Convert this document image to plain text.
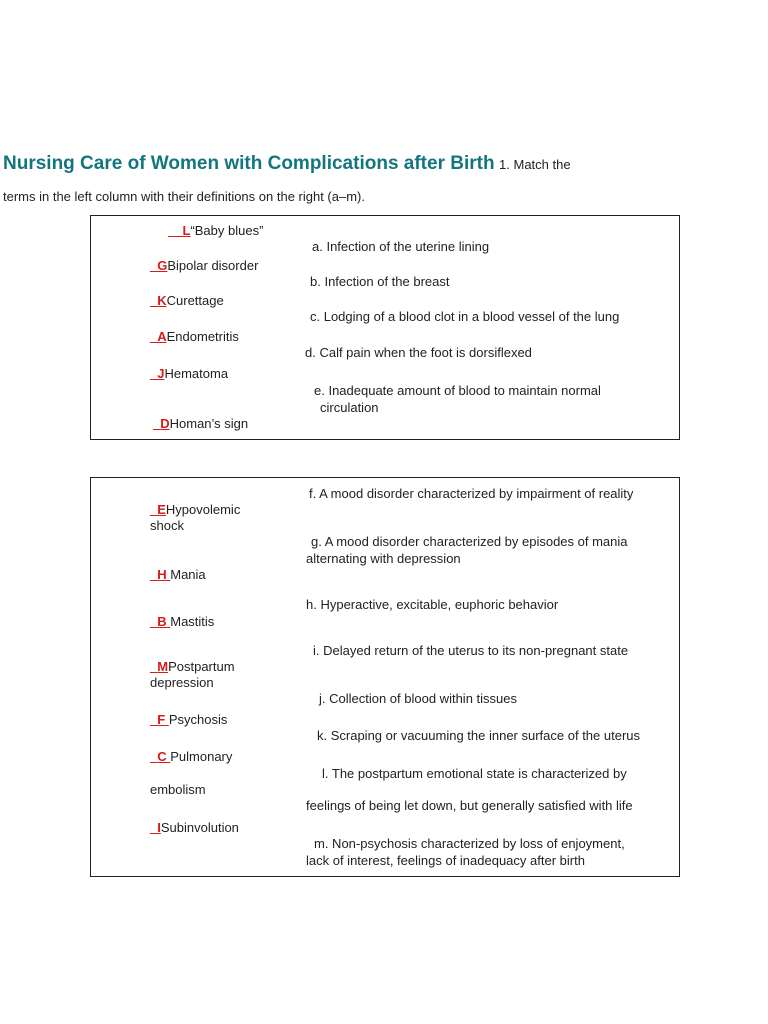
Nursing Care of Women with Complications after Birth 1. Match the
terms in the left column with their definitions on the right (a–m).
__L“Baby blues”
_GBipolar disorder
_KCurettage
_AEndometritis
_JHematoma
_DHoman’s sign
a. Infection of the uterine lining
b. Infection of the breast
c. Lodging of a blood clot in a blood vessel of the lung
d. Calf pain when the foot is dorsiflexed
e. Inadequate amount of blood to maintain normal
circulation
_EHypovolemic
shock
H Mania
B Mastitis
MPostpartum
depression
F Psychosis
C Pulmonary
embolism
ISubinvolution
f. A mood disorder characterized by impairment of reality
g. A mood disorder characterized by episodes of mania
alternating with depression
h. Hyperactive, excitable, euphoric behavior
i. Delayed return of the uterus to its non-pregnant state
j. Collection of blood within tissues
k. Scraping or vacuuming the inner surface of the uterus
l. The postpartum emotional state is characterized by
feelings of being let down, but generally satisfied with life
m. Non-psychosis characterized by loss of enjoyment,
lack of interest, feelings of inadequacy after birth
